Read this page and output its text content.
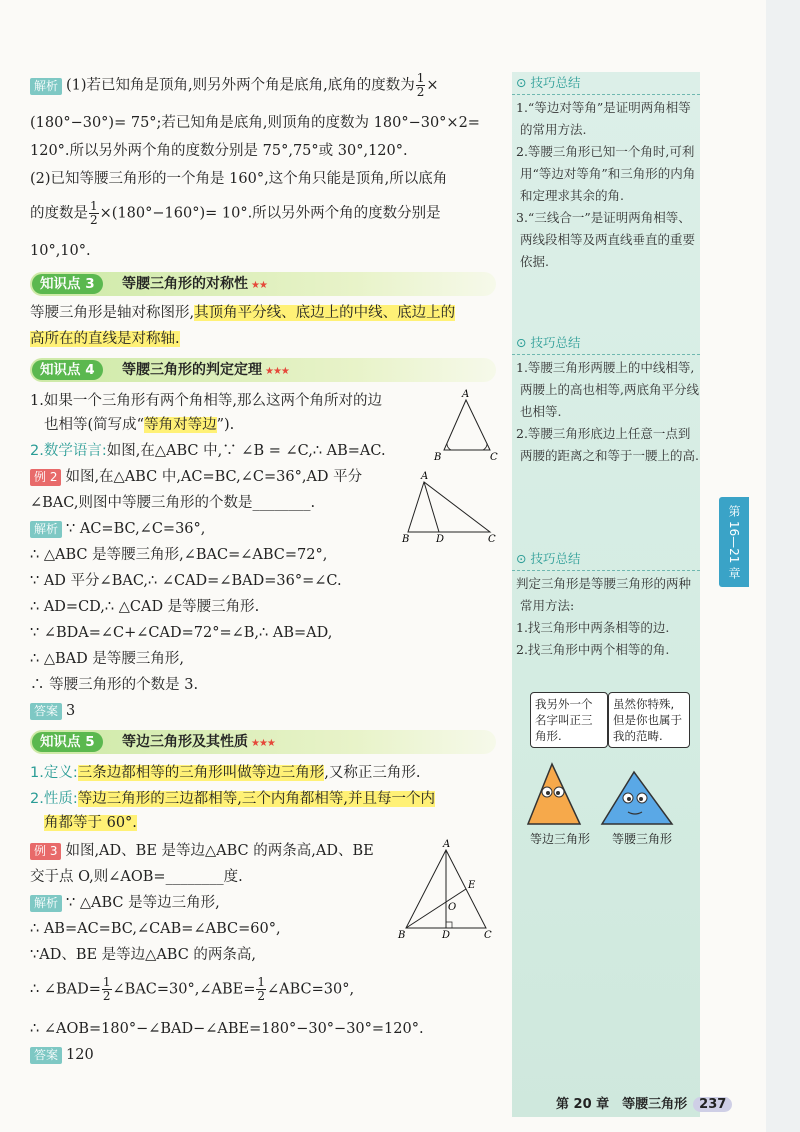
解析 (1)若已知角是顶角,则另外两个角是底角,底角的度数为 $\frac{1}{2}$ ×
(180°−30°)= 75°;若已知角是底角,则顶角的度数为 180°−30°×2=
120°.所以另外两个角的度数分别是 75°,75°或 30°,120°.
(2)已知等腰三角形的一个角是 160°,这个角只能是顶角,所以底角
的度数是 $\frac{1}{2} \times(180^\circ-160^\circ)= 10^\circ$.所以另外两个角的度数分别是
10°,10°.
知识点 3	等腰三角形的对称性 ★★
等腰三角形是轴对称图形,其顶角平分线、底边上的中线、底边上的
高所在的直线是对称轴.
知识点 4	等腰三角形的判定定理 ★★★
1.如果一个三角形有两个角相等,那么这两个角所对的边
也相等(简写成“等角对等边”).
2.数学语言:如图,在△ABC 中,∵ ∠B = ∠C,∴ AB=AC.
例 2 如图,在△ABC 中,AC=BC,∠C=36°,AD 平分
∠BAC,则图中等腰三角形的个数是________.
解析 ∵ AC=BC,∠C=36°,
∴ △ABC 是等腰三角形,∠BAC=∠ABC=72°,
∵ AD 平分∠BAC,∴ ∠CAD=∠BAD=36°=∠C.
∴ AD=CD,∴ △CAD 是等腰三角形.
∵ ∠BDA=∠C+∠CAD=72°=∠B,∴ AB=AD,
∴ △BAD 是等腰三角形,
∴ 等腰三角形的个数是 3.
答案 3
知识点 5	等边三角形及其性质 ★★★
1.定义:三条边都相等的三角形叫做等边三角形,又称正三角形.
2.性质:等边三角形的三边都相等,三个内角都相等,并且每一个内
角都等于 60°.
例 3 如图,AD、BE 是等边△ABC 的两条高,AD、BE
交于点 O,则∠AOB=________度.
解析 ∵ △ABC 是等边三角形,
∴ AB=AC=BC,∠CAB=∠ABC=60°,
∵AD、BE 是等边△ABC 的两条高,
∴ ∠BAD= $\frac{1}{2}$ ∠BAC=30°,∠ABE= $\frac{1}{2}$ ∠ABC=30°,
∴ ∠AOB=180°−∠BAD−∠ABE=180°−30°−30°=120°.
答案 120
A
B	C
A
B	D	C
A
B	D	C
E
O
⊙ 技巧总结
1.“等边对等角”是证明两角相等的常用方法.
2.等腰三角形已知一个角时,可利用“等边对等角”和三角形的内角和定理求其余的角.
3.“三线合一”是证明两角相等、两线段相等及两直线垂直的重要依据.
⊙ 技巧总结
1.等腰三角形两腰上的中线相等,两腰上的高也相等,两底角平分线也相等.
2.等腰三角形底边上任意一点到两腰的距离之和等于一腰上的高.
⊙ 技巧总结
判定三角形是等腰三角形的两种常用方法:
1.找三角形中两条相等的边.
2.找三角形中两个相等的角.
我另外一个名字叫正三角形.
虽然你特殊,但是你也属于我的范畴.
等边三角形 等腰三角形
第 16—21 章
第 20 章　等腰三角形 237
